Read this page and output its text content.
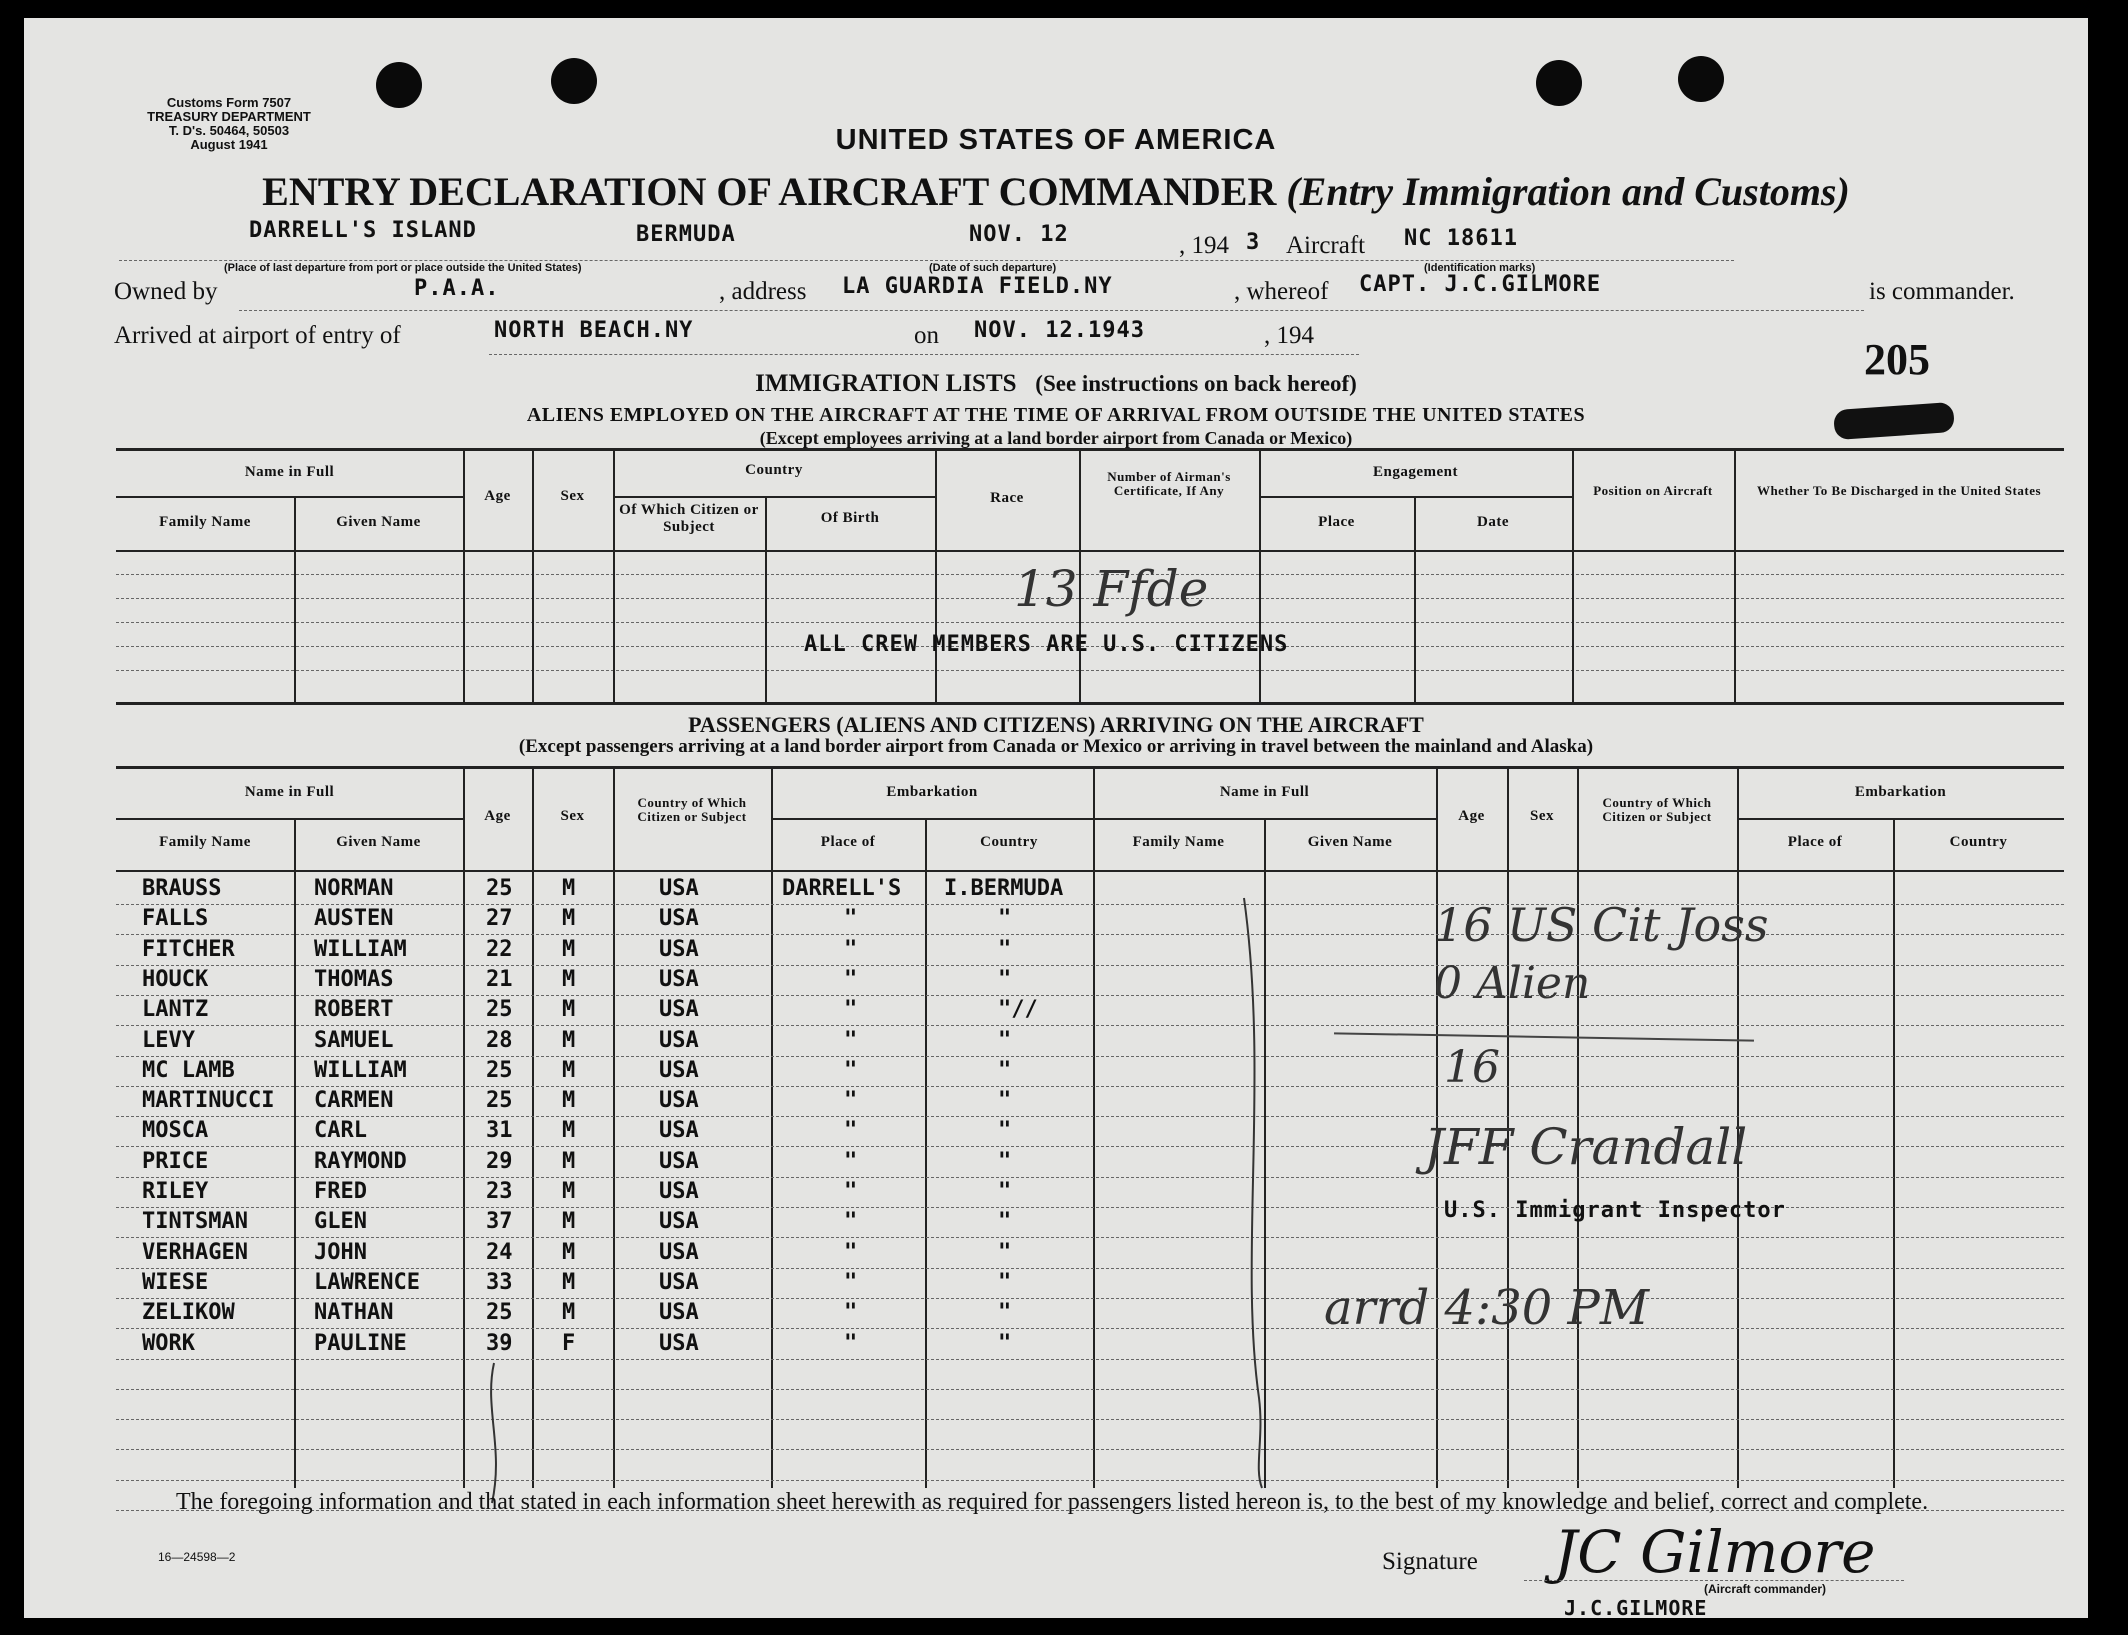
Customs Form 7507
TREASURY DEPARTMENT
T. D's. 50464, 50503
August 1941	UNITED STATES OF AMERICA
ENTRY DECLARATION OF AIRCRAFT COMMANDER (Entry Immigration and Customs)
DARRELL'S ISLAND	BERMUDA	NOV. 12	, 194 3 Aircraft NC 18611
(Place of last departure from port or place outside the United States)	(Date of such departure)	(Identification marks)
Owned by	P.A.A.	, address LA GUARDIA FIELD.NY	, whereof CAPT. J.C.GILMORE	is commander.
Arrived at airport of entry of	NORTH BEACH.NY	on NOV. 12.1943	, 194	205
IMMIGRATION LISTS (See instructions on back hereof)
ALIENS EMPLOYED ON THE AIRCRAFT AT THE TIME OF ARRIVAL FROM OUTSIDE THE UNITED STATES
(Except employees arriving at a land border airport from Canada or Mexico)
Name in Full
Family Name	Given Name
Age	Sex
Country
Of Which Citizen or Subject
Of Birth
Race
Number of Airman's Certificate, If Any
Engagement
Place	Date
Position on Aircraft	Whether To Be Discharged in the United States
13 Ffde
ALL CREW MEMBERS ARE U.S. CITIZENS
PASSENGERS (ALIENS AND CITIZENS) ARRIVING ON THE AIRCRAFT
(Except passengers arriving at a land border airport from Canada or Mexico or arriving in travel between the mainland and Alaska)
Name in Full
Family Name	Given Name
Age	Sex
Country of Which Citizen or Subject
Embarkation
Place of	Country
Name in Full
Family Name	Given Name
Age	Sex
Country of Which Citizen or Subject
Embarkation
Place of	Country
BRAUSS	NORMAN	25 M	USA	DARRELL'S I.BERMUDA
FALLS	AUSTEN	27 M	USA	"	"
FITCHER	WILLIAM	22 M	USA	"	"
HOUCK	THOMAS	21 M	USA	"	"
LANTZ	ROBERT	25 M	USA	"	"//
LEVY	SAMUEL	28 M	USA	"	"
MC LAMB	WILLIAM	25 M	USA	"	"
MARTINUCCI CARMEN	25 M	USA	"	"
MOSCA	CARL	31 M	USA	"	"
PRICE	RAYMOND	29 M	USA	"	"
RILEY	FRED	23 M	USA	"	"
TINTSMAN	GLEN	37 M	USA	"	"
VERHAGEN	JOHN	24 M	USA	"	"
WIESE	LAWRENCE	33 M	USA	"	"
ZELIKOW	NATHAN	25 M	USA	"	"
WORK	PAULINE	39 F	USA	"	"
16 US Cit Joss
0 Alien
16
JFF Crandall
U.S. Immigrant Inspector
arrd 4:30 PM
The foregoing information and that stated in each information sheet herewith as required for passengers listed hereon is, to the best of my knowledge and belief, correct and complete.
16—24598—2	Signature JC Gilmore
(Aircraft commander)
J.C.GILMORE
